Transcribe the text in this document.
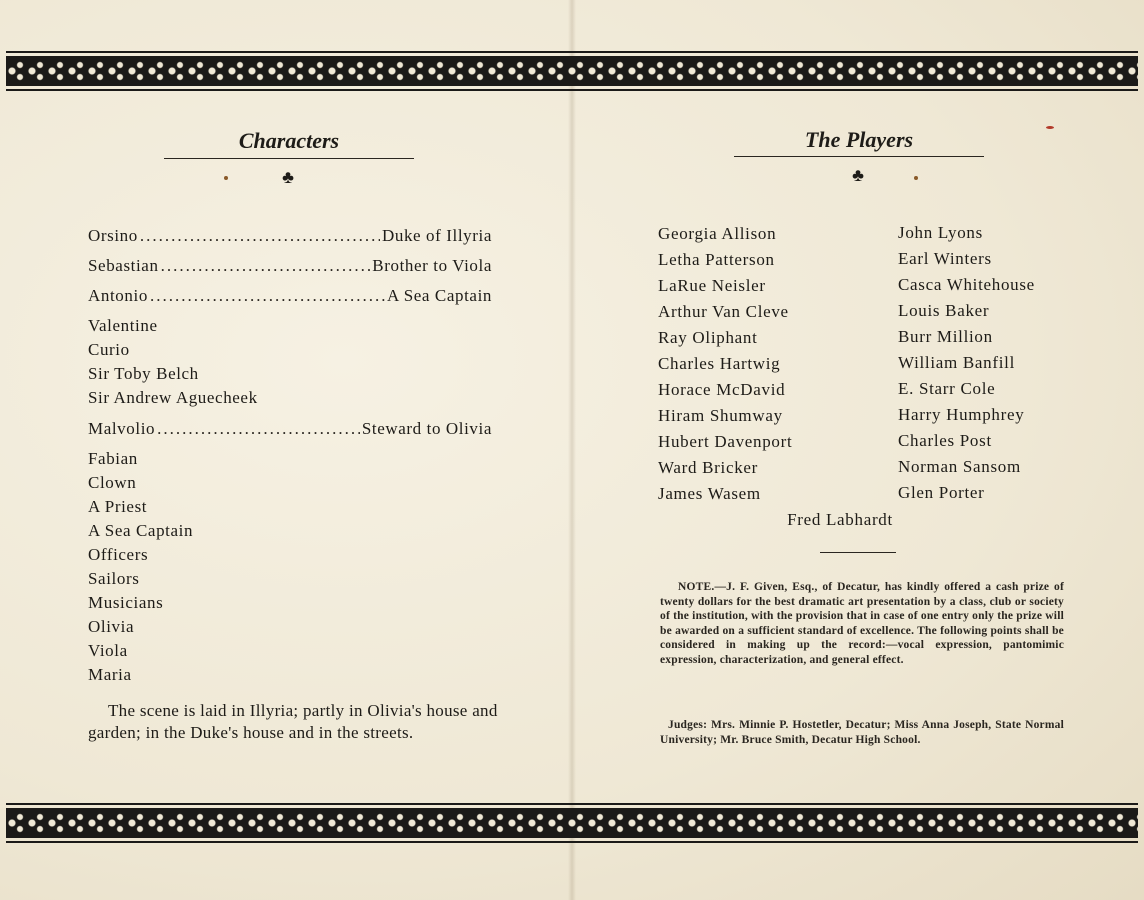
Characters
♣
Orsino .....	Duke of Illyria
Sebastian .....	Brother to Viola
Antonio .....	A Sea Captain
Valentine
Curio
Sir Toby Belch
Sir Andrew Aguecheek
Malvolio .....	Steward to Olivia
Fabian
Clown
A Priest
A Sea Captain
Officers
Sailors
Musicians
Olivia
Viola
Maria
The scene is laid in Illyria; partly in Olivia's house and garden; in the Duke's house and in the streets.
The Players
♣
Georgia Allison
Letha Patterson
LaRue Neisler
Arthur Van Cleve
Ray Oliphant
Charles Hartwig
Horace McDavid
Hiram Shumway
Hubert Davenport
Ward Bricker
James Wasem
John Lyons
Earl Winters
Casca Whitehouse
Louis Baker
Burr Million
William Banfill
E. Starr Cole
Harry Humphrey
Charles Post
Norman Sansom
Glen Porter
Fred Labhardt
NOTE.—J. F. Given, Esq., of Decatur, has kindly offered a cash prize of twenty dollars for the best dramatic art presentation by a class, club or society of the institution, with the provision that in case of one entry only the prize will be awarded on a sufficient standard of excellence. The following points shall be considered in making up the record:—vocal expression, pantomimic expression, characterization, and general effect.
Judges: Mrs. Minnie P. Hostetler, Decatur; Miss Anna Joseph, State Normal University; Mr. Bruce Smith, Decatur High School.
